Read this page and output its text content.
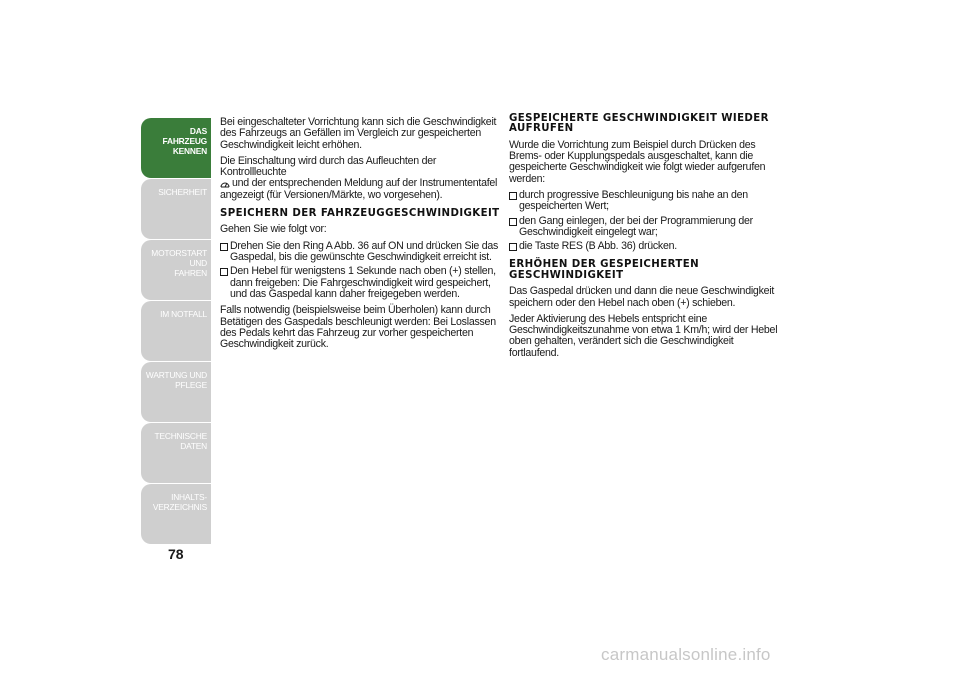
DAS FAHRZEUG
KENNEN
SICHERHEIT
MOTORSTART UND
FAHREN
IM NOTFALL
WARTUNG UND
PFLEGE
TECHNISCHE DATEN
INHALTS-
VERZEICHNIS
78

Bei eingeschalteter Vorrichtung kann sich die Geschwindigkeit des Fahrzeugs an Gefällen im Vergleich zur gespeicherten Geschwindigkeit leicht erhöhen.

Die Einschaltung wird durch das Aufleuchten der Kontrollleuchte
und der entsprechenden Meldung auf der Instrumententafel angezeigt (für Versionen/Märkte, wo vorgesehen).

SPEICHERN DER FAHRZEUGGESCHWINDIGKEIT

Gehen Sie wie folgt vor:

Drehen Sie den Ring A Abb. 36 auf ON und drücken Sie das Gaspedal, bis die gewünschte Geschwindigkeit erreicht ist.
Den Hebel für wenigstens 1 Sekunde nach oben (+) stellen, dann freigeben: Die Fahrgeschwindigkeit wird gespeichert, und das Gaspedal kann daher freigegeben werden.

Falls notwendig (beispielsweise beim Überholen) kann durch Betätigen des Gaspedals beschleunigt werden: Bei Loslassen des Pedals kehrt das Fahrzeug zur vorher gespeicherten Geschwindigkeit zurück.

GESPEICHERTE GESCHWINDIGKEIT WIEDER AUFRUFEN

Wurde die Vorrichtung zum Beispiel durch Drücken des Brems- oder Kupplungspedals ausgeschaltet, kann die gespeicherte Geschwindigkeit wie folgt wieder aufgerufen werden:

durch progressive Beschleunigung bis nahe an den gespeicherten Wert;
den Gang einlegen, der bei der Programmierung der Geschwindigkeit eingelegt war;
die Taste RES (B Abb. 36) drücken.
ERHÖHEN DER GESPEICHERTEN GESCHWINDIGKEIT

Das Gaspedal drücken und dann die neue Geschwindigkeit speichern oder den Hebel nach oben (+) schieben.

Jeder Aktivierung des Hebels entspricht eine Geschwindigkeitszunahme von etwa 1 Km/h; wird der Hebel oben gehalten, verändert sich die Geschwindigkeit fortlaufend.

carmanualsonline.info
